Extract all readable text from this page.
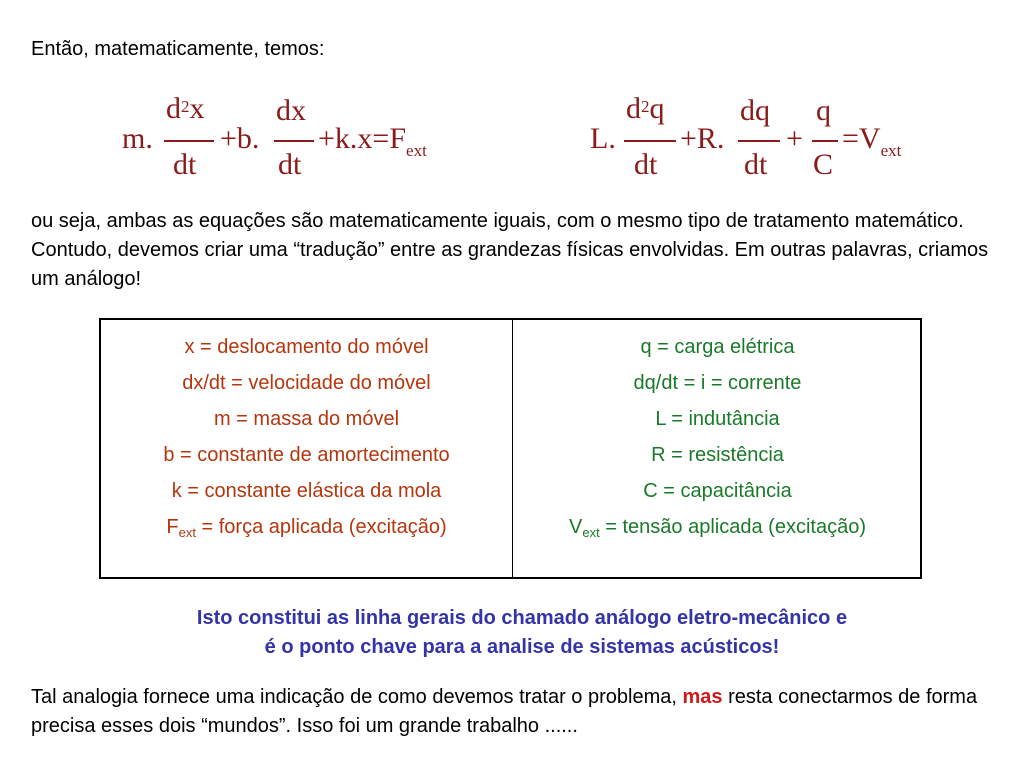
Então, matematicamente, temos:
m.
$d^2x$
dt
+b.
dx
dt
$+k.x=F_{ext}$	L.
$d^2q$
dt
+R.
dq
dt
+
q
C
$=V_{ext}$
ou seja, ambas as equações são matematicamente iguais, com o mesmo tipo de tratamento matemático. Contudo, devemos criar uma “tradução” entre as grandezas físicas envolvidas. Em outras palavras, criamos um análogo!
x = deslocamento do móvel
dx/dt = velocidade do móvel
m = massa do móvel
b = constante de amortecimento
k = constante elástica da mola
$F_{ext}$ = força aplicada (excitação)
q = carga elétrica
dq/dt = i = corrente
L = indutância
R = resistência
C = capacitância
$V_{ext}$ = tensão aplicada (excitação)
Isto constitui as linha gerais do chamado análogo eletro-mecânico e
é o ponto chave para a analise de sistemas acústicos!
Tal analogia fornece uma indicação de como devemos tratar o problema, mas resta conectarmos de forma precisa esses dois “mundos”. Isso foi um grande trabalho ......
